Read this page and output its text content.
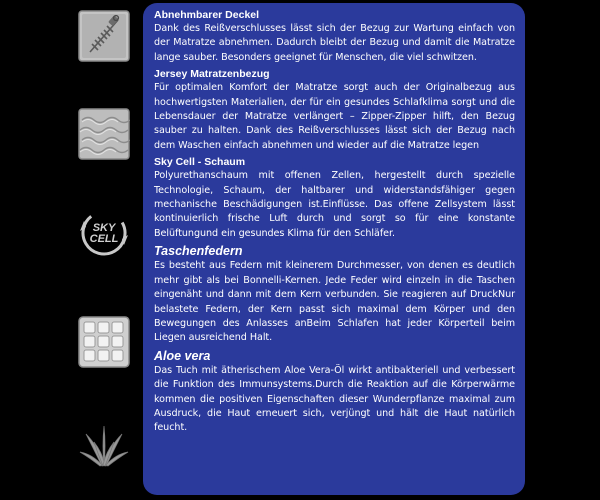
SKY
CELL
Abnehmbarer Deckel

Dank des Reißverschlusses lässt sich der Bezug zur Wartung einfach von der Matratze abnehmen. Dadurch bleibt der Bezug und damit die Matratze lange sauber. Besonders geeignet für Menschen, die viel schwitzen.

Jersey Matratzenbezug

Für optimalen Komfort der Matratze sorgt auch der Originalbezug aus hochwertigsten Materialien, der für ein gesundes Schlafklima sorgt und die Lebensdauer der Matratze verlängert – Zipper-Zipper hilft, den Bezug sauber zu halten. Dank des Reißverschlusses lässt sich der Bezug nach dem Waschen einfach abnehmen und wieder auf die Matratze legen

Sky Cell - Schaum

Polyurethanschaum mit offenen Zellen, hergestellt durch spezielle Technologie, Schaum, der haltbarer und widerstandsfähiger gegen mechanische Beschädigungen ist.Einflüsse. Das offene Zellsystem lässt kontinuierlich frische Luft durch und sorgt so für eine konstante Belüftungund ein gesundes Klima für den Schläfer.

Taschenfedern

Es besteht aus Federn mit kleinerem Durchmesser, von denen es deutlich mehr gibt als bei Bonnelli-Kernen. Jede Feder wird einzeln in die Taschen eingenäht und dann mit dem Kern verbunden. Sie reagieren auf DruckNur belastete Federn, der Kern passt sich maximal dem Körper und den Bewegungen des Anlasses anBeim Schlafen hat jeder Körperteil beim Liegen ausreichend Halt.

Aloe vera

Das Tuch mit ätherischem Aloe Vera-Öl wirkt antibakteriell und verbessert die Funktion des Immunsystems.Durch die Reaktion auf die Körperwärme kommen die positiven Eigenschaften dieser Wunderpflanze maximal zum Ausdruck, die Haut erneuert sich, verjüngt und hält die Haut natürlich feucht.
